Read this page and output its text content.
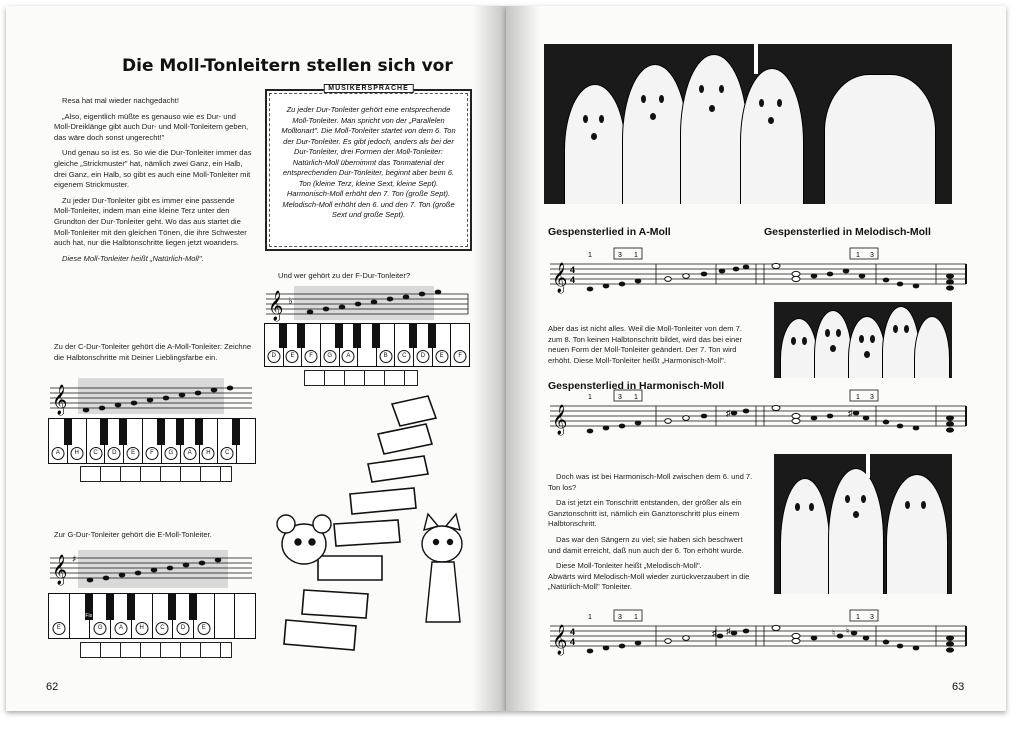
Die Moll-Tonleitern stellen sich vor

Resa hat mal wieder nachgedacht!

„Also, eigentlich müßte es genauso wie es Dur- und Moll-Dreiklänge gibt auch Dur- und Moll-Tonleitern geben, das wäre doch sonst ungerecht!"

Und genau so ist es. So wie die Dur-Tonleiter immer das gleiche „Strickmuster" hat, nämlich zwei Ganz, ein Halb, drei Ganz, ein Halb, so gibt es auch eine Moll-Tonleiter mit eigenem Strickmuster.

Zu jeder Dur-Tonleiter gibt es immer eine passende Moll-Tonleiter, indem man eine kleine Terz unter den Grundton der Dur-Tonleiter geht. Wo das aus startet die Moll-Tonleiter mit den gleichen Tönen, die ihre Schwester auch hat, nur die Halbtonschritte liegen jetzt woanders.

Diese Moll-Tonleiter heißt „Natürlich-Moll".

MUSIKERSPRACHE
Zu jeder Dur-Tonleiter gehört eine entsprechende Moll-Tonleiter. Man spricht von der „Parallelen Molltonart". Die Moll-Tonleiter startet von dem 6. Ton der Dur-Tonleiter. Es gibt jedoch, anders als bei der Dur-Tonleiter, drei Formen der Moll-Tonleiter: Natürlich-Moll übernimmt das Tonmaterial der entsprechenden Dur-Tonleiter, beginnt aber beim 6. Ton (kleine Terz, kleine Sext, kleine Sept). Harmonisch-Moll erhöht den 7. Ton (große Sept). Melodisch-Moll erhöht den 6. und den 7. Ton (große Sext und große Sept).
Und wer gehört zu der F-Dur-Tonleiter?
𝄞 ♭
D	E	F	G	A	B	C	D	E	F
Zu der C-Dur-Tonleiter gehört die A-Moll-Tonleiter: Zeichne die Halbtonschritte mit Deiner Lieblingsfarbe ein.
𝄞
A	H	C	D	E	F	G	A	H	C
Zur G-Dur-Tonleiter gehört die E-Moll-Tonleiter.
𝄞 ♯
E
Fis
G	A	H	C	D	E
62
Gespensterlied in A-Moll	Gespensterlied in Melodisch-Moll
𝄞 4
4
1	3 1	1 3
Aber das ist nicht alles. Weil die Moll-Tonleiter von dem 7. zum 8. Ton keinen Halbtonschritt bildet, wird das bei einer neuen Form der Moll-Tonleiter geändert. Der 7. Ton wird erhöht. Diese Moll-Tonleiter heißt „Harmonisch-Moll".
Gespensterlied in Harmonisch-Moll
𝄞
1	3 1	1 3
♯	♯

Doch was ist bei Harmonisch-Moll zwischen dem 6. und 7. Ton los?

Da ist jetzt ein Tonschritt entstanden, der größer als ein Ganztonschritt ist, nämlich ein Ganztonschritt plus einem Halbtonschritt.

Das war den Sängern zu viel; sie haben sich beschwert und damit erreicht, daß nun auch der 6. Ton erhöht wurde.

Diese Moll-Tonleiter heißt „Melodisch-Moll".

Abwärts wird Melodisch-Moll wieder zurückverzaubert in die „Natürlich-Moll" Tonleiter.

𝄞 4
4
1	3 1	1 3
♯ ♯	♮ ♮
63
